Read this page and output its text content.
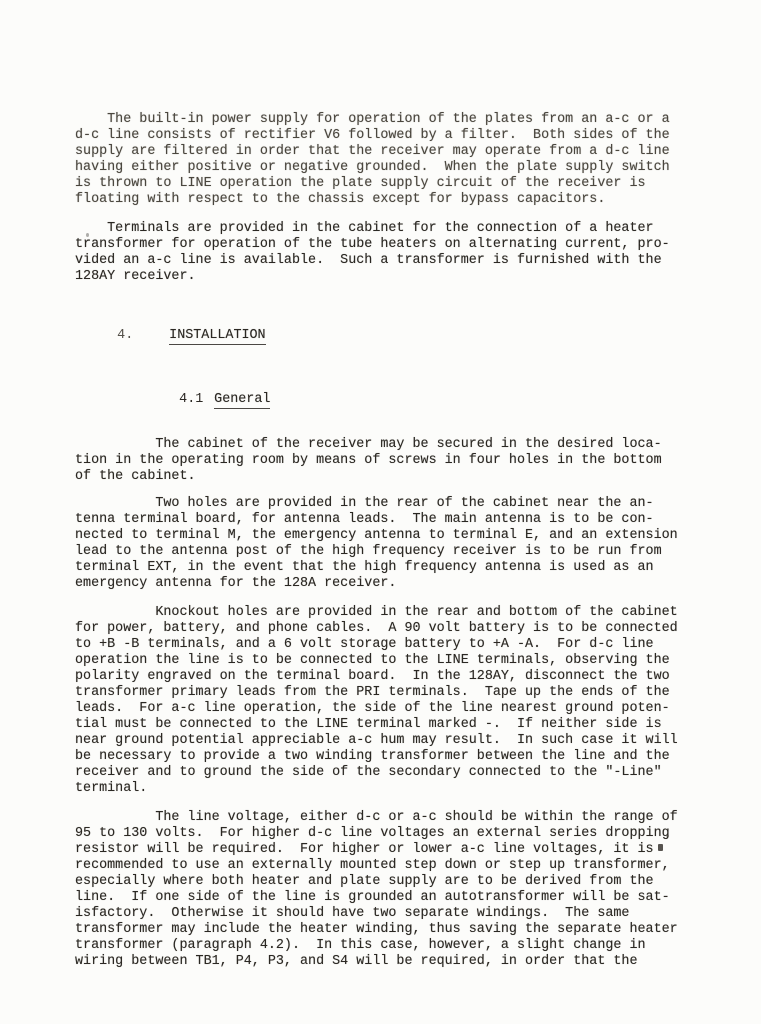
The built-in power supply for operation of the plates from an a-c or a
d-c line consists of rectifier V6 followed by a filter.  Both sides of the
supply are filtered in order that the receiver may operate from a d-c line
having either positive or negative grounded.  When the plate supply switch
is thrown to LINE operation the plate supply circuit of the receiver is
floating with respect to the chassis except for bypass capacitors.
Terminals are provided in the cabinet for the connection of a heater
transformer for operation of the tube heaters on alternating current, pro-
vided an a-c line is available.  Such a transformer is furnished with the
128AY receiver.

4.	INSTALLATION

4.1 General

The cabinet of the receiver may be secured in the desired loca-
tion in the operating room by means of screws in four holes in the bottom
of the cabinet.
Two holes are provided in the rear of the cabinet near the an-
tenna terminal board, for antenna leads.  The main antenna is to be con-
nected to terminal M, the emergency antenna to terminal E, and an extension
lead to the antenna post of the high frequency receiver is to be run from
terminal EXT, in the event that the high frequency antenna is used as an
emergency antenna for the 128A receiver.
Knockout holes are provided in the rear and bottom of the cabinet
for power, battery, and phone cables.  A 90 volt battery is to be connected
to +B -B terminals, and a 6 volt storage battery to +A -A.  For d-c line
operation the line is to be connected to the LINE terminals, observing the
polarity engraved on the terminal board.  In the 128AY, disconnect the two
transformer primary leads from the PRI terminals.  Tape up the ends of the
leads.  For a-c line operation, the side of the line nearest ground poten-
tial must be connected to the LINE terminal marked -.  If neither side is
near ground potential appreciable a-c hum may result.  In such case it will
be necessary to provide a two winding transformer between the line and the
receiver and to ground the side of the secondary connected to the "-Line"
terminal.
The line voltage, either d-c or a-c should be within the range of
95 to 130 volts.  For higher d-c line voltages an external series dropping
resistor will be required.  For higher or lower a-c line voltages, it is
recommended to use an externally mounted step down or step up transformer,
especially where both heater and plate supply are to be derived from the
line.  If one side of the line is grounded an autotransformer will be sat-
isfactory.  Otherwise it should have two separate windings.  The same
transformer may include the heater winding, thus saving the separate heater
transformer (paragraph 4.2).  In this case, however, a slight change in
wiring between TB1, P4, P3, and S4 will be required, in order that the
